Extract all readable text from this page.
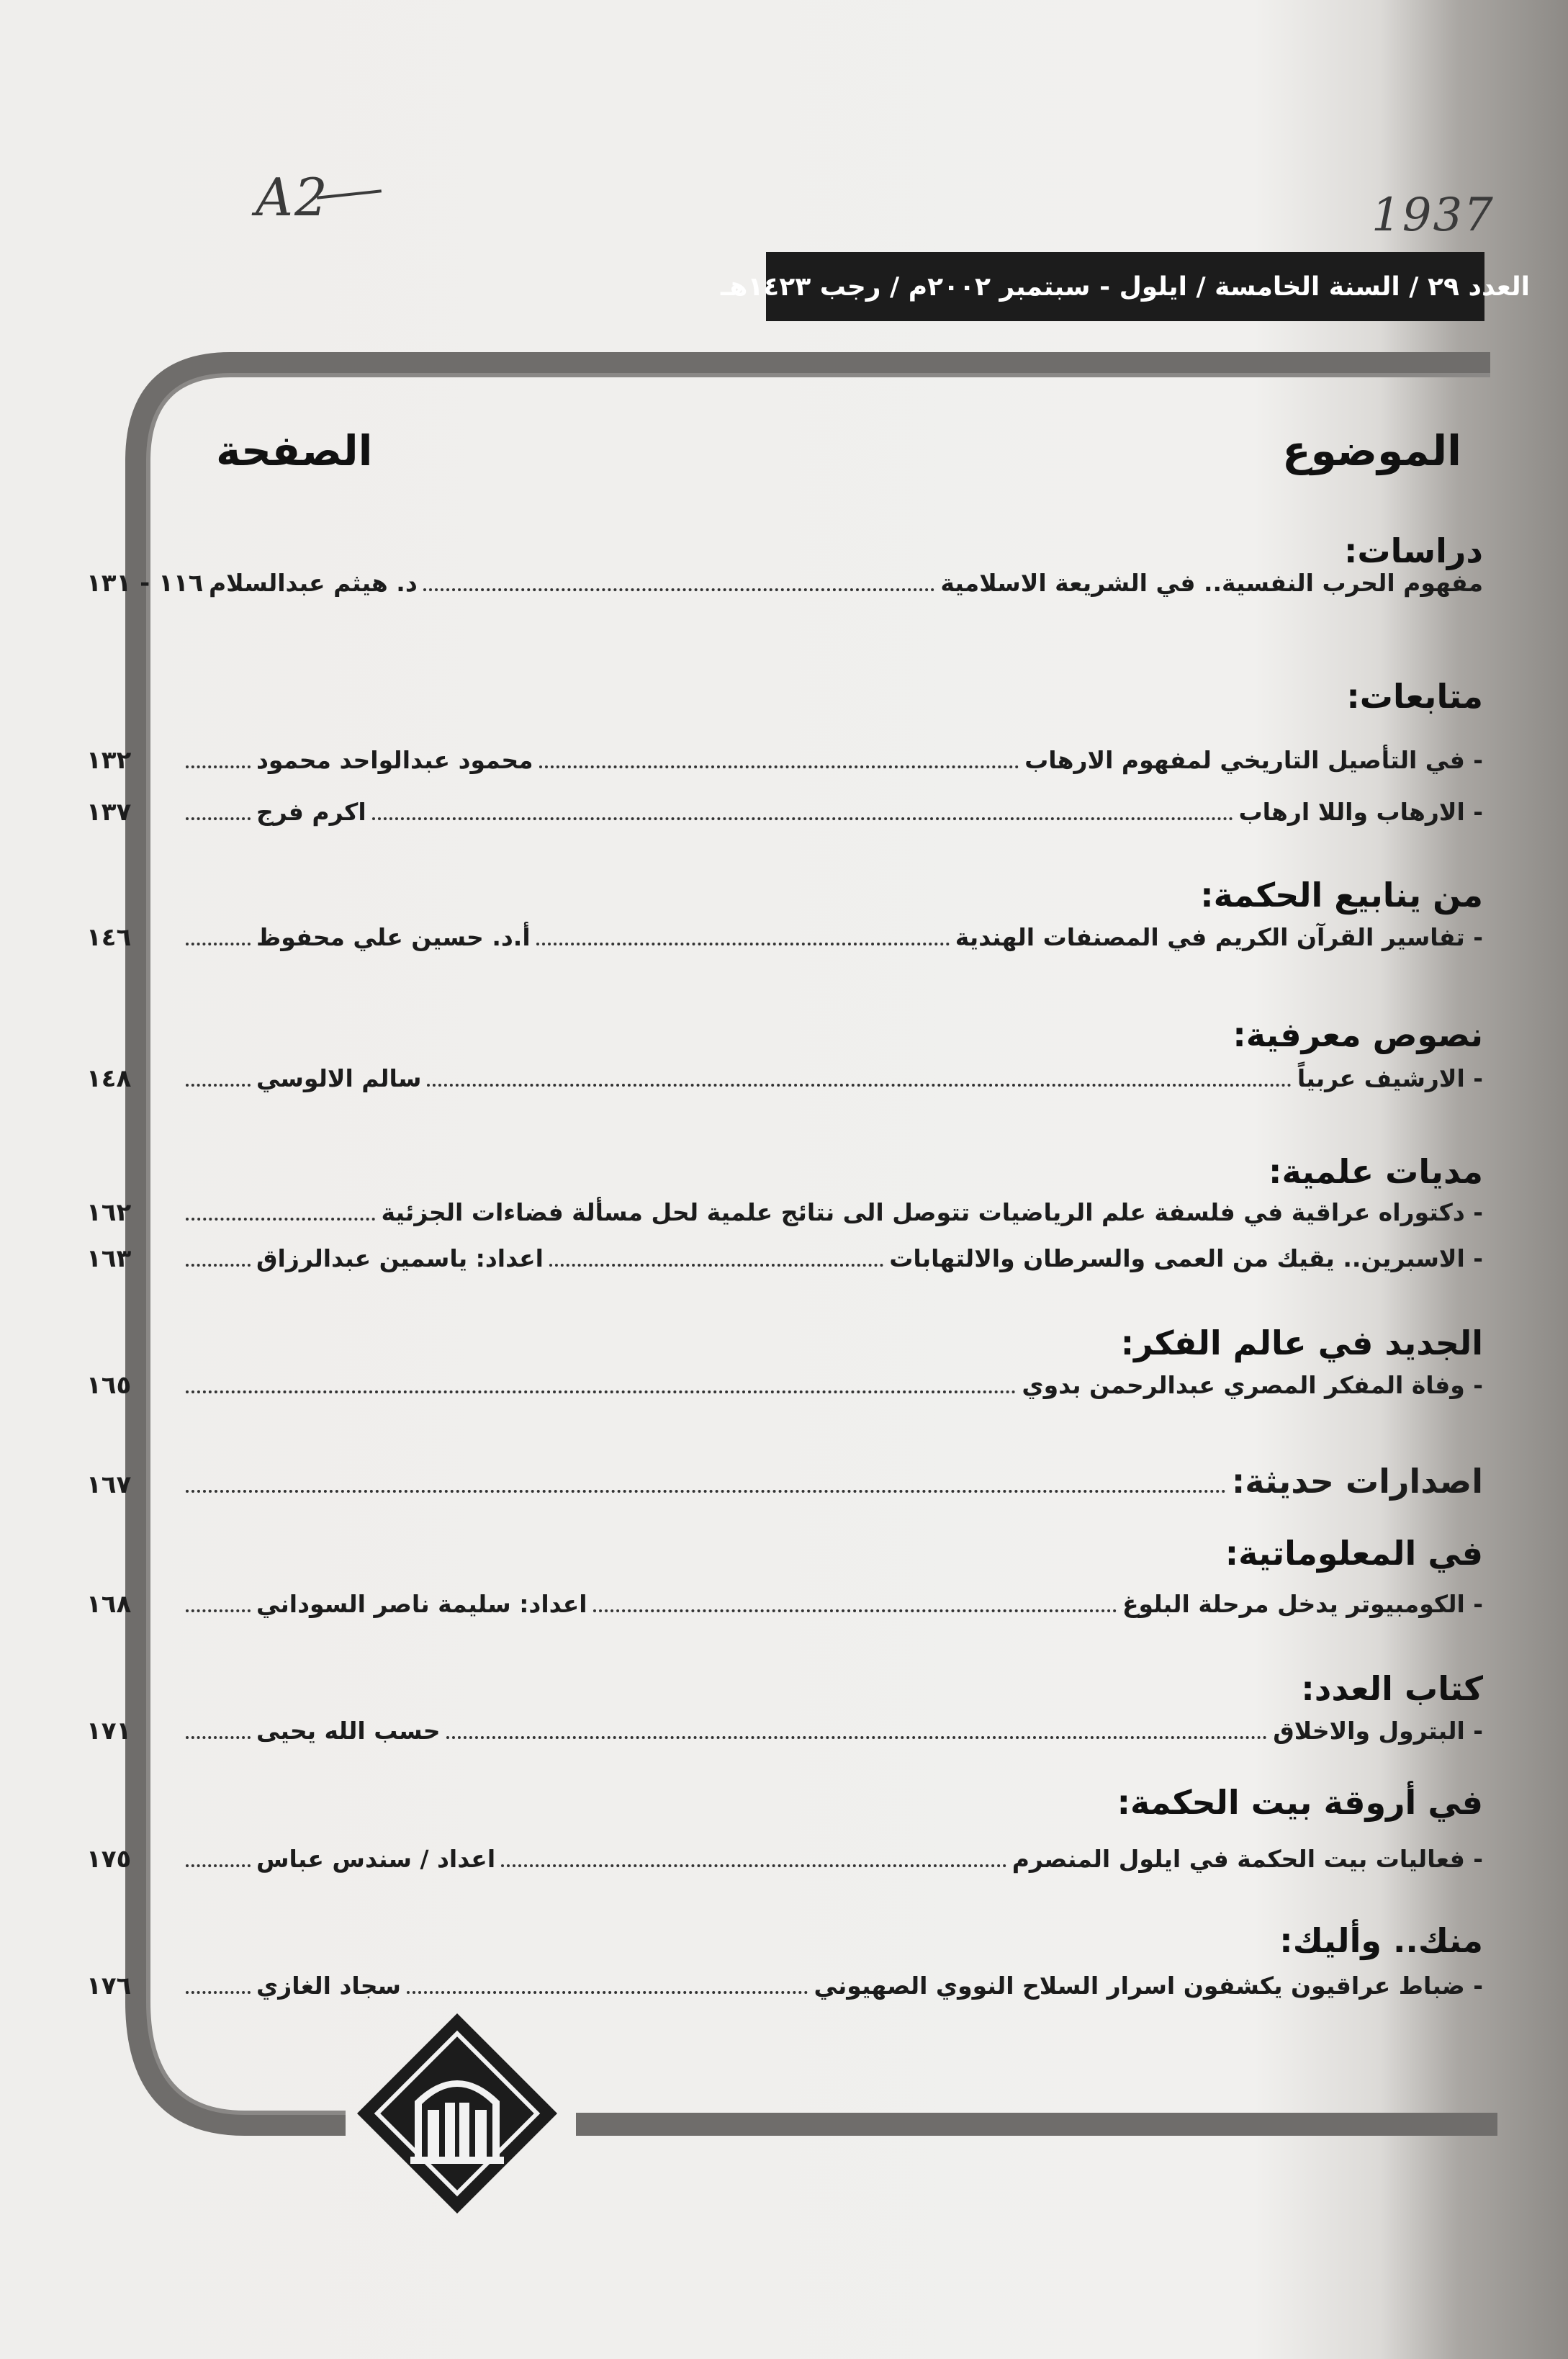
A2	1937
العدد ٢٩ / السنة الخامسة / ايلول - سبتمبر ٢٠٠٢م / رجب ١٤٢٣هـ
الموضوع
الصفحة
دراسات:
مفهوم الحرب النفسية.. في الشريعة الاسلامية
د. هيثم عبدالسلام
١١٦ - ١٣١
متابعات:
- في التأصيل التاريخي لمفهوم الارهاب
محمود عبدالواحد محمود
١٣٢
- الارهاب واللا ارهاب
اكرم فرج
١٣٧
من ينابيع الحكمة:
- تفاسير القرآن الكريم في المصنفات الهندية
أ.د. حسين علي محفوظ
١٤٦
نصوص معرفية:
- الارشيف عربياً
سالم الالوسي
١٤٨
مديات علمية:
- دكتوراه عراقية في فلسفة علم الرياضيات تتوصل الى نتائج علمية لحل مسألة فضاءات الجزئية
١٦٢
- الاسبرين.. يقيك من العمى والسرطان والالتهابات
اعداد: ياسمين عبدالرزاق
١٦٣
الجديد في عالم الفكر:
- وفاة المفكر المصري عبدالرحمن بدوي
١٦٥
اصدارات حديثة:
١٦٧
في المعلوماتية:
- الكومبيوتر يدخل مرحلة البلوغ
اعداد: سليمة ناصر السوداني
١٦٨
كتاب العدد:
- البترول والاخلاق
حسب الله يحيى
١٧١
في أروقة بيت الحكمة:
- فعاليات بيت الحكمة في ايلول المنصرم
اعداد / سندس عباس
١٧٥
منك.. وأليك:
- ضباط عراقيون يكشفون اسرار السلاح النووي الصهيوني
سجاد الغازي
١٧٦
